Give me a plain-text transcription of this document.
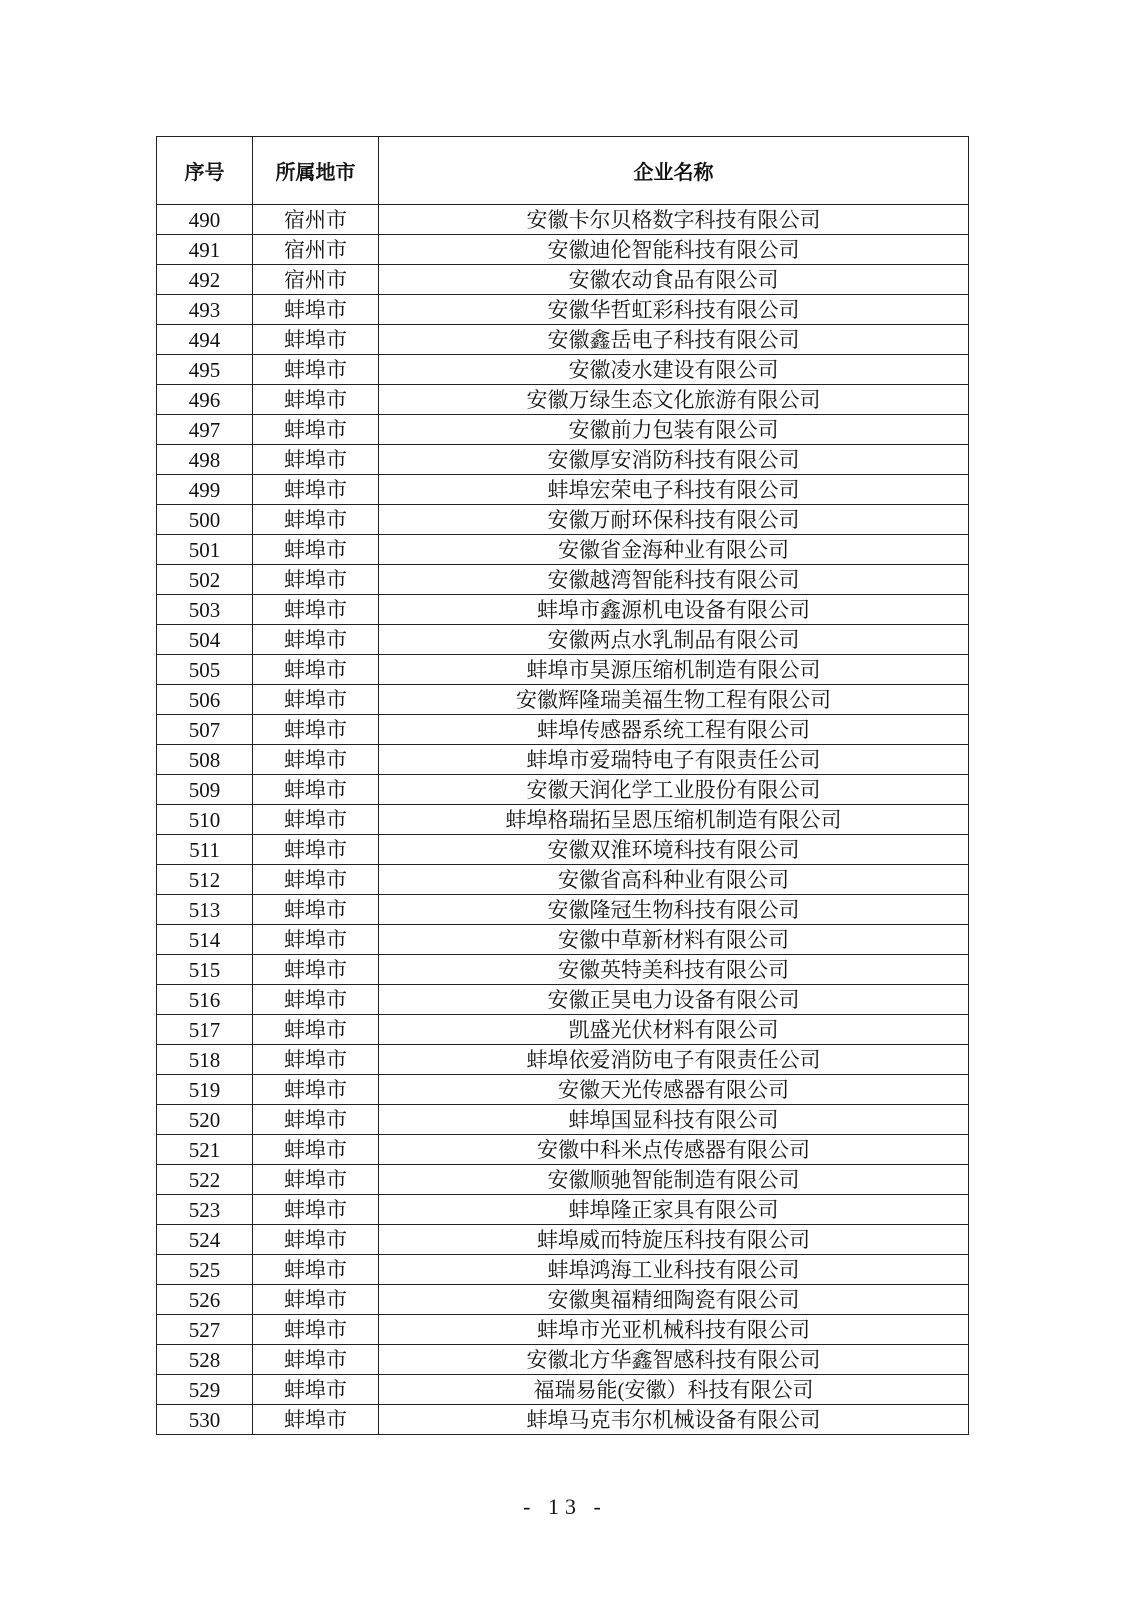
序号	所属地市	企业名称
490	宿州市	安徽卡尔贝格数字科技有限公司
491	宿州市	安徽迪伦智能科技有限公司
492	宿州市	安徽农动食品有限公司
493	蚌埠市	安徽华哲虹彩科技有限公司
494	蚌埠市	安徽鑫岳电子科技有限公司
495	蚌埠市	安徽凌水建设有限公司
496	蚌埠市	安徽万绿生态文化旅游有限公司
497	蚌埠市	安徽前力包装有限公司
498	蚌埠市	安徽厚安消防科技有限公司
499	蚌埠市	蚌埠宏荣电子科技有限公司
500	蚌埠市	安徽万耐环保科技有限公司
501	蚌埠市	安徽省金海种业有限公司
502	蚌埠市	安徽越湾智能科技有限公司
503	蚌埠市	蚌埠市鑫源机电设备有限公司
504	蚌埠市	安徽两点水乳制品有限公司
505	蚌埠市	蚌埠市昊源压缩机制造有限公司
506	蚌埠市	安徽辉隆瑞美福生物工程有限公司
507	蚌埠市	蚌埠传感器系统工程有限公司
508	蚌埠市	蚌埠市爱瑞特电子有限责任公司
509	蚌埠市	安徽天润化学工业股份有限公司
510	蚌埠市	蚌埠格瑞拓呈恩压缩机制造有限公司
511	蚌埠市	安徽双淮环境科技有限公司
512	蚌埠市	安徽省高科种业有限公司
513	蚌埠市	安徽隆冠生物科技有限公司
514	蚌埠市	安徽中草新材料有限公司
515	蚌埠市	安徽英特美科技有限公司
516	蚌埠市	安徽正昊电力设备有限公司
517	蚌埠市	凯盛光伏材料有限公司
518	蚌埠市	蚌埠依爱消防电子有限责任公司
519	蚌埠市	安徽天光传感器有限公司
520	蚌埠市	蚌埠国显科技有限公司
521	蚌埠市	安徽中科米点传感器有限公司
522	蚌埠市	安徽顺驰智能制造有限公司
523	蚌埠市	蚌埠隆正家具有限公司
524	蚌埠市	蚌埠威而特旋压科技有限公司
525	蚌埠市	蚌埠鸿海工业科技有限公司
526	蚌埠市	安徽奥福精细陶瓷有限公司
527	蚌埠市	蚌埠市光亚机械科技有限公司
528	蚌埠市	安徽北方华鑫智感科技有限公司
529	蚌埠市	福瑞易能(安徽）科技有限公司
530	蚌埠市	蚌埠马克韦尔机械设备有限公司
- 13 -
